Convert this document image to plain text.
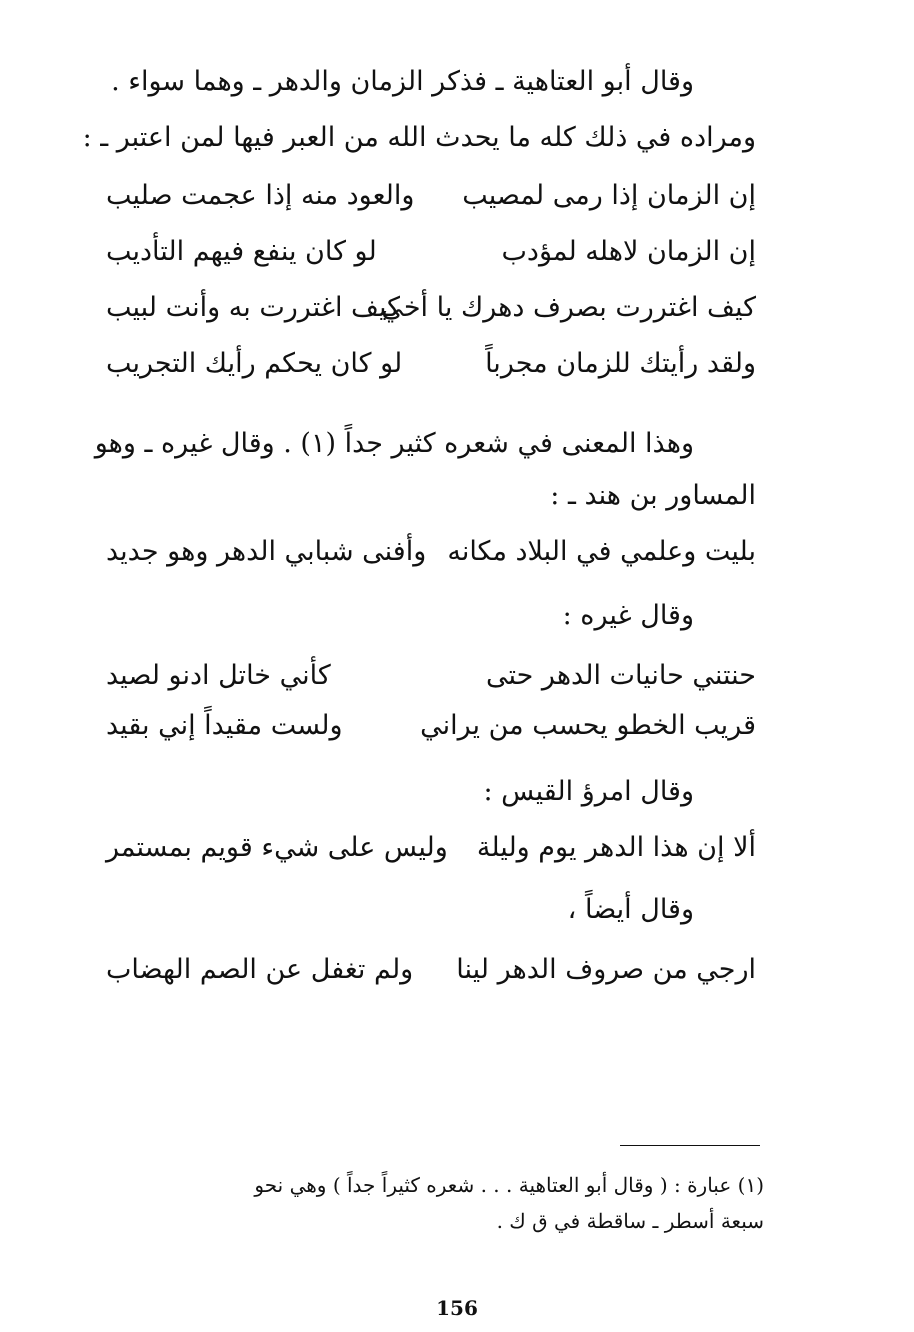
وقال أبو العتاهية ـ فذكر الزمان والدهر ـ وهما سواء .
ومراده في ذلك كله ما يحدث الله من العبر فيها لمن اعتبر ـ :
إن الزمان إذا رمى لمصيب
والعود منه إذا عجمت صليب
إن الزمان لاهله لمؤدب
لو كان ينفع فيهم التأديب
كيف اغتررت بصرف دهرك يا أخي
كيف اغتررت به وأنت لبيب
ولقد رأيتك للزمان مجرباً
لو كان يحكم رأيك التجريب
وهذا المعنى في شعره كثير جداً (١) . وقال غيره ـ وهو
المساور بن هند ـ :
بليت وعلمي في البلاد مكانه
وأفنى شبابي الدهر وهو جديد
وقال غيره :
حنتني حانيات الدهر حتى
كأني خاتل ادنو لصيد
قريب الخطو يحسب من يراني
ولست مقيداً إني بقيد
وقال امرؤ القيس :
ألا إن هذا الدهر يوم وليلة
وليس على شيء قويم بمستمر
وقال أيضاً ،
ارجي من صروف الدهر لينا
ولم تغفل عن الصم الهضاب
(١) عبارة : ( وقال أبو العتاهية . . . شعره كثيراً جداً ) وهي نحو
سبعة أسطر ـ ساقطة في ق ك .
156
